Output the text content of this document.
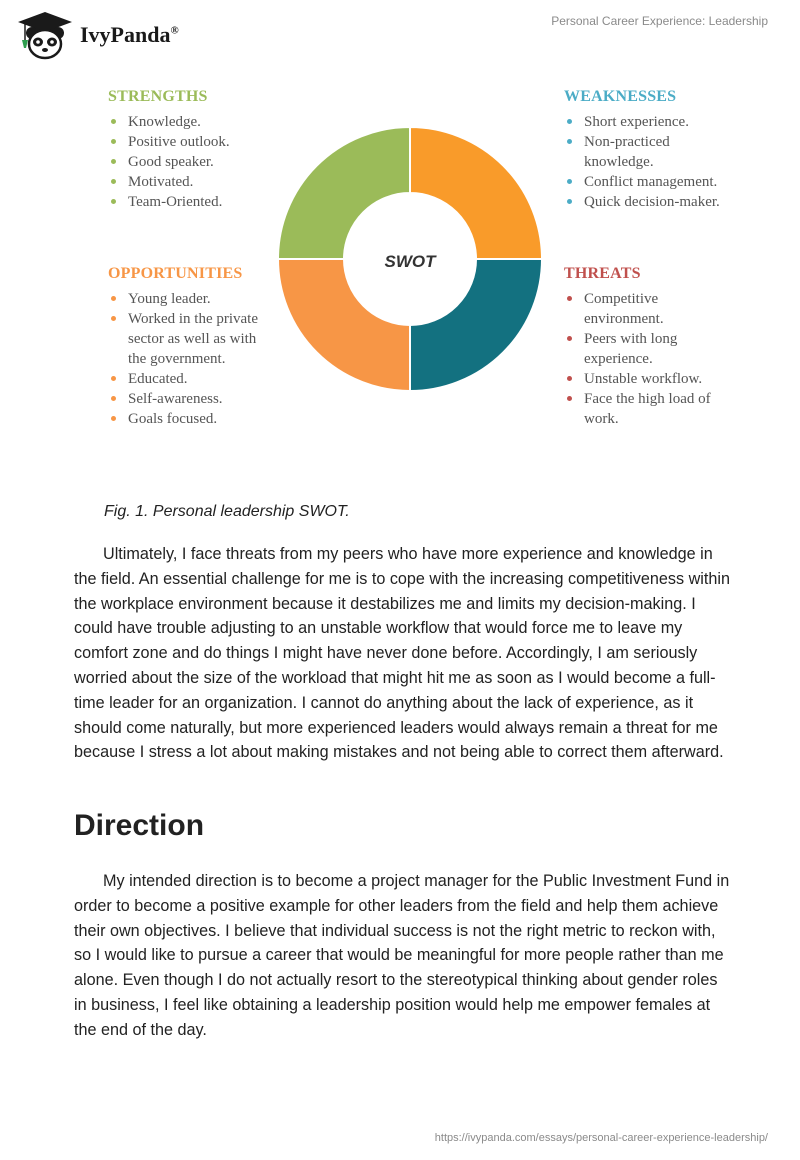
IvyPanda®
Personal Career Experience: Leadership
STRENGTHS
Knowledge.
Positive outlook.
Good speaker.
Motivated.
Team-Oriented.
WEAKNESSES
Short experience.
Non-practiced knowledge.
Conflict management.
Quick decision-maker.
OPPORTUNITIES
Young leader.
Worked in the private sector as well as with the government.
Educated.
Self-awareness.
Goals focused.
THREATS
Competitive environment.
Peers with long experience.
Unstable workflow.
Face the high load of work.
SWOT
Fig. 1. Personal leadership SWOT.

Ultimately, I face threats from my peers who have more experience and knowledge in the field. An essential challenge for me is to cope with the increasing competitiveness within the workplace environment because it destabilizes me and limits my decision-making. I could have trouble adjusting to an unstable workflow that would force me to leave my comfort zone and do things I might have never done before. Accordingly, I am seriously worried about the size of the workload that might hit me as soon as I would become a full-time leader for an organization. I cannot do anything about the lack of experience, as it should come naturally, but more experienced leaders would always remain a threat for me because I stress a lot about making mistakes and not being able to correct them afterward.

Direction

My intended direction is to become a project manager for the Public Investment Fund in order to become a positive example for other leaders from the field and help them achieve their own objectives. I believe that individual success is not the right metric to reckon with, so I would like to pursue a career that would be meaningful for more people rather than me alone. Even though I do not actually resort to the stereotypical thinking about gender roles in business, I feel like obtaining a leadership position would help me empower females at the end of the day.

https://ivypanda.com/essays/personal-career-experience-leadership/
